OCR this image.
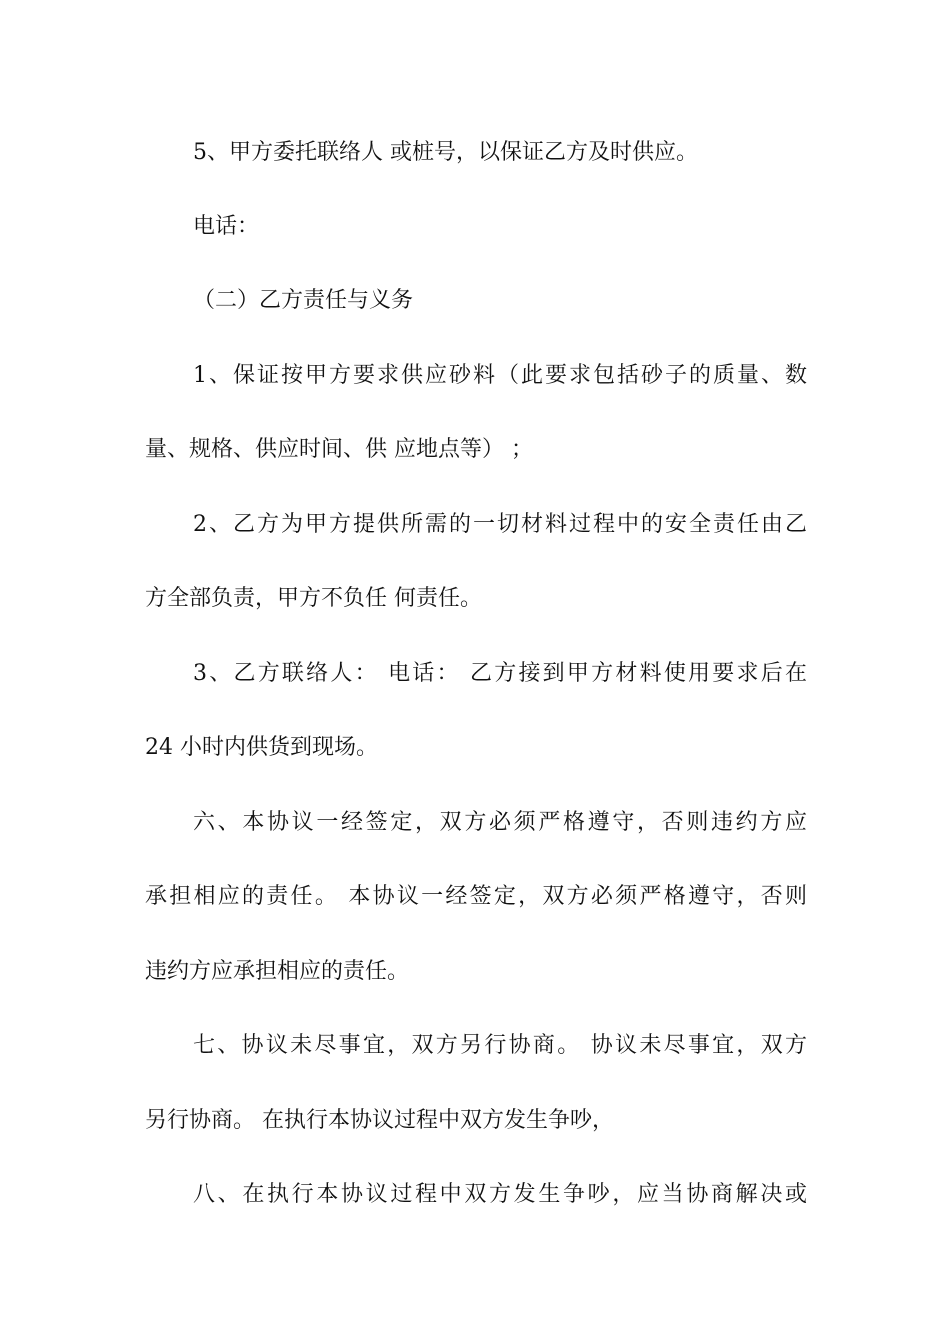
5、甲方委托联络人 或桩号，以保证乙方及时供应。
电话：
（二）乙方责任与义务
1、保证按甲方要求供应砂料（此要求包括砂子的质量、数
量、规格、供应时间、供 应地点等） ；
2、乙方为甲方提供所需的一切材料过程中的安全责任由乙
方全部负责，甲方不负任 何责任。
3、乙方联络人： 电话： 乙方接到甲方材料使用要求后在
24 小时内供货到现场。
六、本协议一经签定，双方必须严格遵守，否则违约方应
承担相应的责任。 本协议一经签定，双方必须严格遵守，否则
违约方应承担相应的责任。
七、协议未尽事宜，双方另行协商。 协议未尽事宜，双方
另行协商。 在执行本协议过程中双方发生争吵，
八、在执行本协议过程中双方发生争吵，应当协商解决或
